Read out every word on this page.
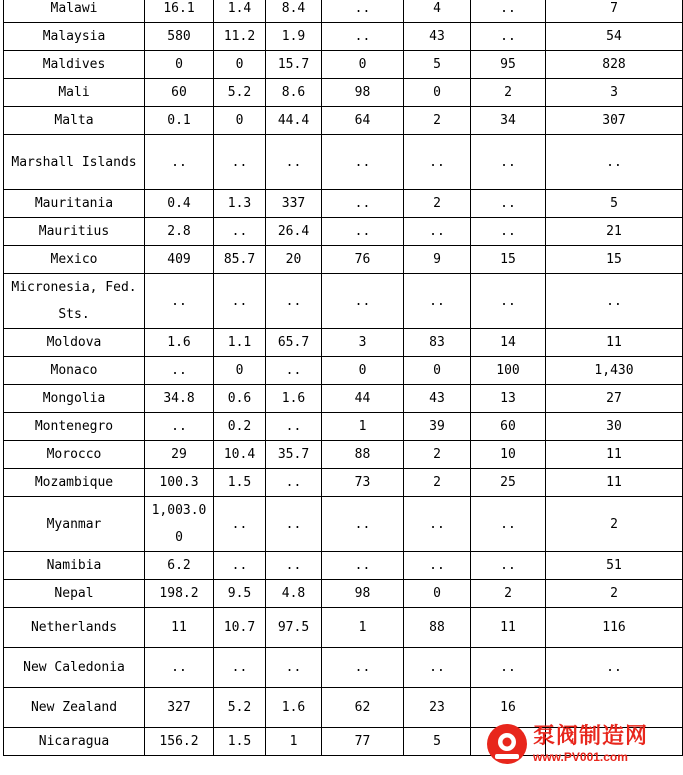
Malawi	16.1	1.4	8.4	..	4	..	7
Malaysia	580	11.2	1.9	..	43	..	54
Maldives	0	0	15.7	0	5	95	828
Mali	60	5.2	8.6	98	0	2	3
Malta	0.1	0	44.4	64	2	34	307
Marshall Islands	..	..	..	..	..	..	..
Mauritania	0.4	1.3	337	..	2	..	5
Mauritius	2.8	..	26.4	..	..	..	21
Mexico	409	85.7	20	76	9	15	15
Micronesia, Fed. Sts.	..	..	..	..	..	..	..
Moldova	1.6	1.1	65.7	3	83	14	11
Monaco	..	0	..	0	0	100	1,430
Mongolia	34.8	0.6	1.6	44	43	13	27
Montenegro	..	0.2	..	1	39	60	30
Morocco	29	10.4	35.7	88	2	10	11
Mozambique	100.3	1.5	..	73	2	25	11
Myanmar	1,003.00	..	..	..	..	..	2
Namibia	6.2	..	..	..	..	..	51
Nepal	198.2	9.5	4.8	98	0	2	2
Netherlands	11	10.7	97.5	1	88	11	116
New Caledonia	..	..	..	..	..	..	..
New Zealand	327	5.2	1.6	62	23	16	
Nicaragua	156.2	1.5	1	77	5			泵阀制造网
www.PV001.com
